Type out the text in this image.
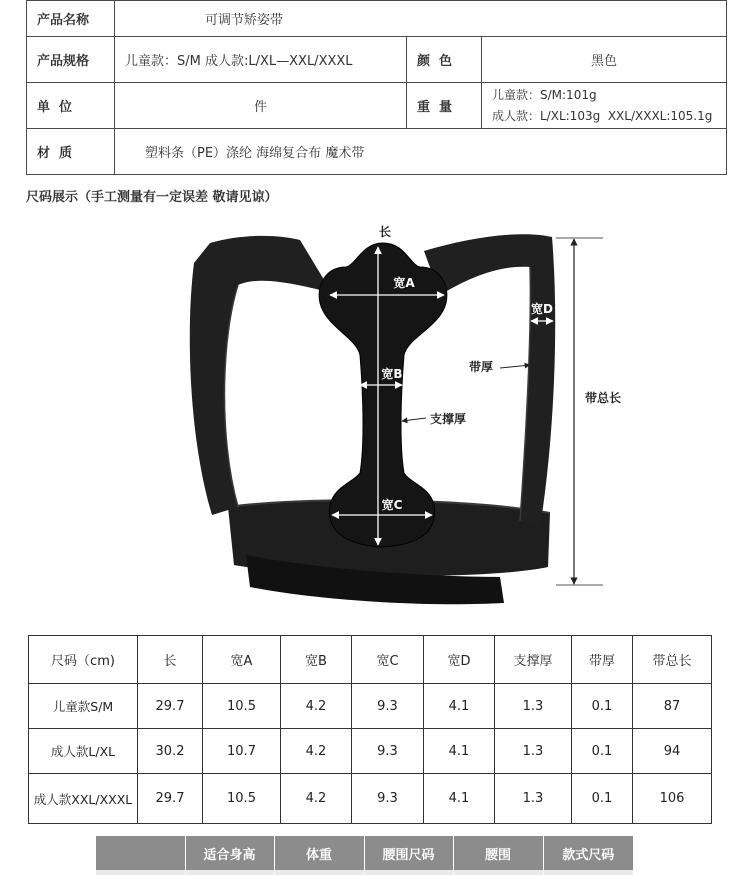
产品名称	可调节矫姿带		
产品规格	儿童款：S/M 成人款:L/XL—XXL/XXXL	颜  色	黑色
单  位	件	重  量	儿童款：S/M:101g
成人款：L/XL:103g  XXL/XXXL:105.1g

材  质	塑料条（PE）涤纶 海绵复合布 魔术带		
尺码展示（手工测量有一定误差 敬请见谅）
长
宽A
宽B
宽C
宽D
带厚
支撑厚
带总长
尺码（cm)	长	宽A	宽B	宽C	宽D	支撑厚	带厚	带总长
儿童款S/M	29.7	10.5	4.2	9.3	4.1	1.3	0.1	87
成人款L/XL	30.2	10.7	4.2	9.3	4.1	1.3	0.1	94
成人款XXL/XXXL	29.7	10.5	4.2	9.3	4.1	1.3	0.1	106
	适合身高	体重	腰围尺码	腰围	款式尺码
